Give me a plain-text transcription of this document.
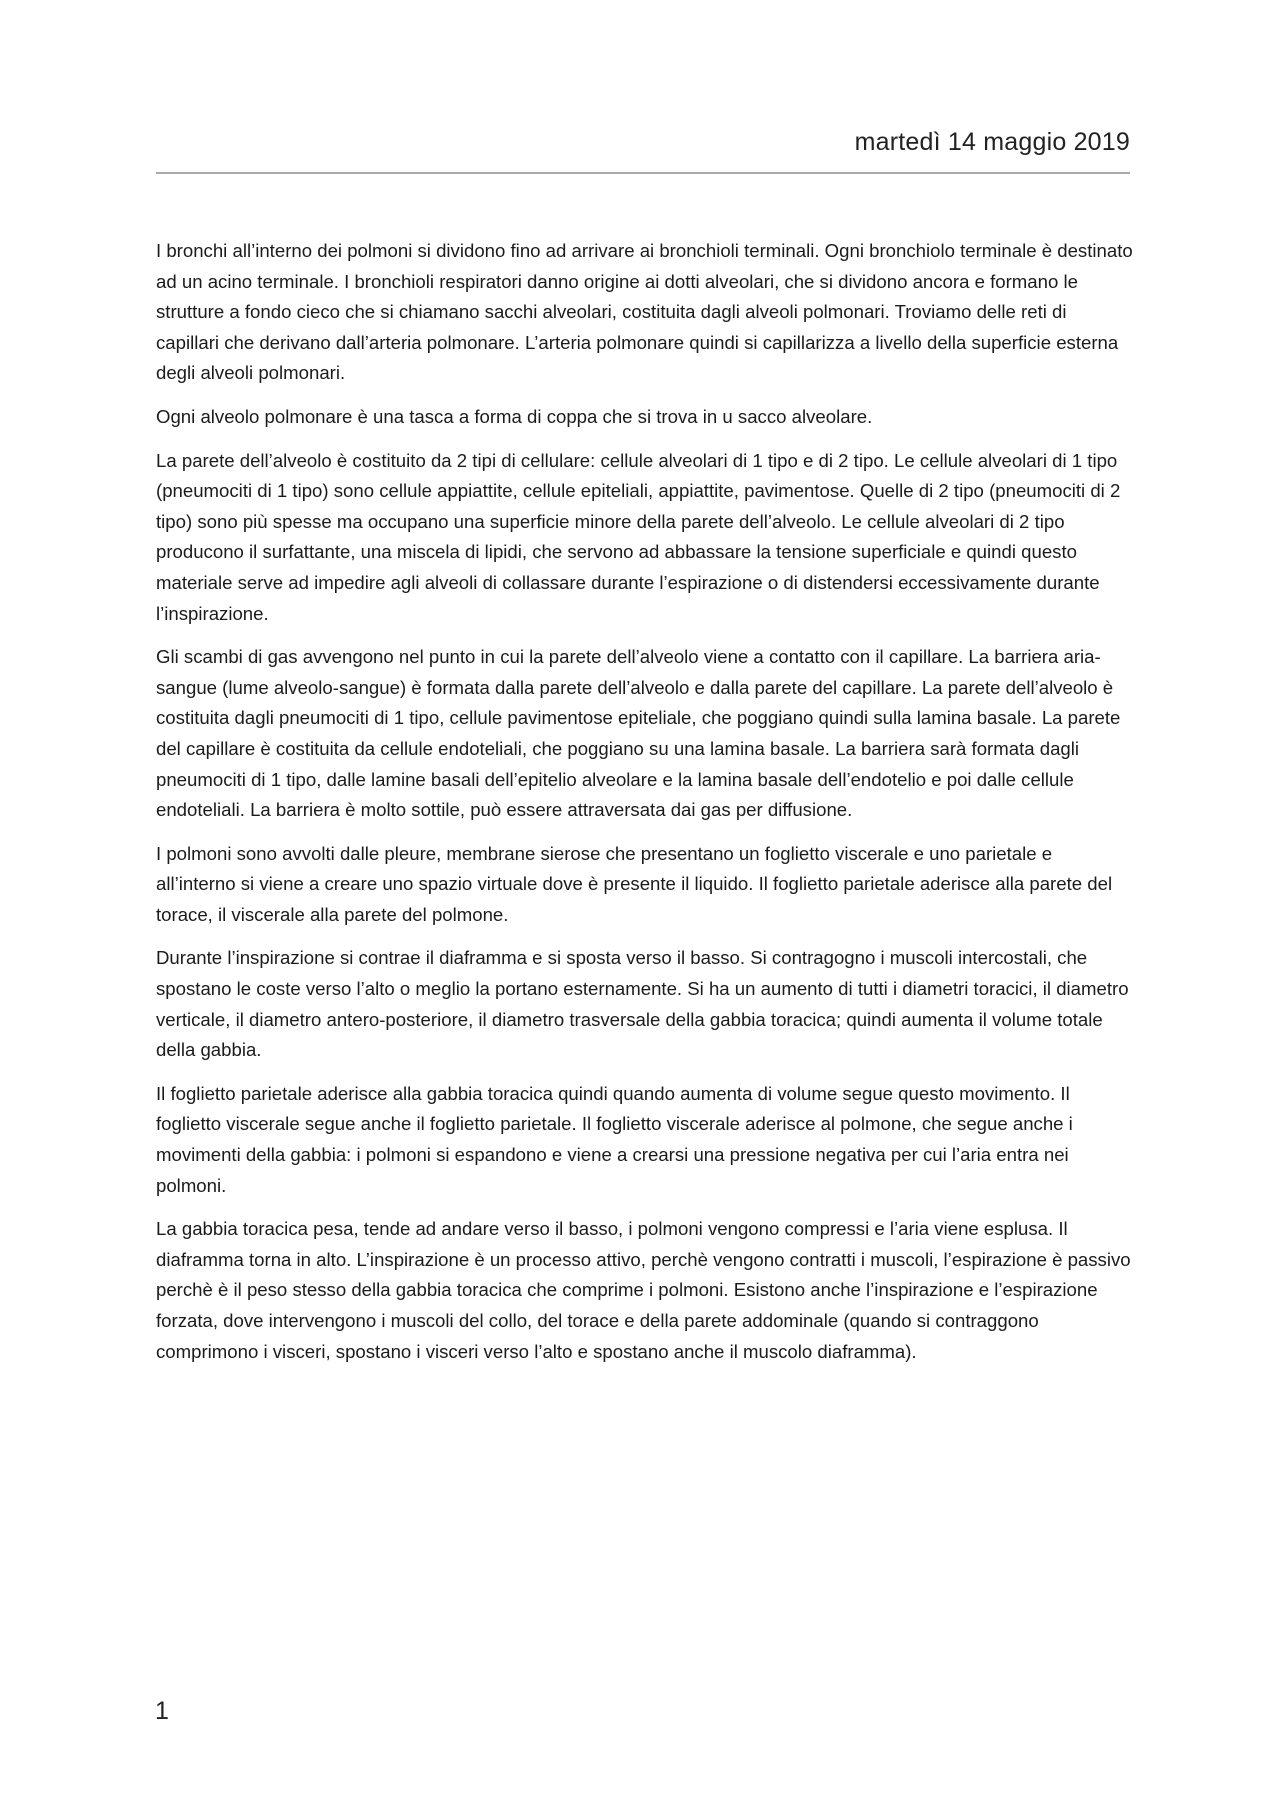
martedì 14 maggio 2019

I bronchi all’interno dei polmoni si dividono fino ad arrivare ai bronchioli terminali. Ogni bronchiolo terminale è destinato ad un acino terminale. I bronchioli respiratori danno origine ai dotti alveolari, che si dividono ancora e formano le strutture a fondo cieco che si chiamano sacchi alveolari, costituita dagli alveoli polmonari. Troviamo delle reti di capillari che derivano dall’arteria polmonare. L’arteria polmonare quindi si capillarizza a livello della superficie esterna degli alveoli polmonari.

Ogni alveolo polmonare è una tasca a forma di coppa che si trova in u sacco alveolare.

La parete dell’alveolo è costituito da 2 tipi di cellulare: cellule alveolari di 1 tipo e di 2 tipo. Le cellule alveolari di 1 tipo (pneumociti di 1 tipo) sono cellule appiattite, cellule epiteliali, appiattite, pavimentose. Quelle di 2 tipo (pneumociti di 2 tipo) sono più spesse ma occupano una superficie minore della parete dell’alveolo. Le cellule alveolari di 2 tipo producono il surfattante, una miscela di lipidi, che servono ad abbassare la tensione superficiale e quindi questo materiale serve ad impedire agli alveoli di collassare durante l’espirazione o di distendersi eccessivamente durante l’inspirazione.

Gli scambi di gas avvengono nel punto in cui la parete dell’alveolo viene a contatto con il capillare. La barriera aria-sangue (lume alveolo-sangue) è formata dalla parete dell’alveolo e dalla parete del capillare. La parete dell’alveolo è costituita dagli pneumociti di 1 tipo, cellule pavimentose epiteliale, che poggiano quindi sulla lamina basale. La parete del capillare è costituita da cellule endoteliali, che poggiano su una lamina basale. La barriera sarà formata dagli pneumociti di 1 tipo, dalle lamine basali dell’epitelio alveolare e la lamina basale dell’endotelio e poi dalle cellule endoteliali. La barriera è molto sottile, può essere attraversata dai gas per diffusione.

I polmoni sono avvolti dalle pleure, membrane sierose che presentano un foglietto viscerale e uno parietale e all’interno si viene a creare uno spazio virtuale dove è presente il liquido. Il foglietto parietale aderisce alla parete del torace, il viscerale alla parete del polmone.

Durante l’inspirazione si contrae il diaframma e si sposta verso il basso. Si contragogno i muscoli intercostali, che spostano le coste verso l’alto o meglio la portano esternamente. Si ha un aumento di tutti i diametri toracici, il diametro verticale, il diametro antero-posteriore, il diametro trasversale della gabbia toracica; quindi aumenta il volume totale della gabbia.

Il foglietto parietale aderisce alla gabbia toracica quindi quando aumenta di volume segue questo movimento. Il foglietto viscerale segue anche il foglietto parietale. Il foglietto viscerale aderisce al polmone, che segue anche i movimenti della gabbia: i polmoni si espandono e viene a crearsi una pressione negativa per cui l’aria entra nei polmoni.

La gabbia toracica pesa, tende ad andare verso il basso, i polmoni vengono compressi e l’aria viene esplusa. Il diaframma torna in alto. L’inspirazione è un processo attivo, perchè vengono contratti i muscoli, l’espirazione è passivo perchè è il peso stesso della gabbia toracica che comprime i polmoni. Esistono anche l’inspirazione e l’espirazione forzata, dove intervengono i muscoli del collo, del torace e della parete addominale (quando si contraggono comprimono i visceri, spostano i visceri verso l’alto e spostano anche il muscolo diaframma).

1
